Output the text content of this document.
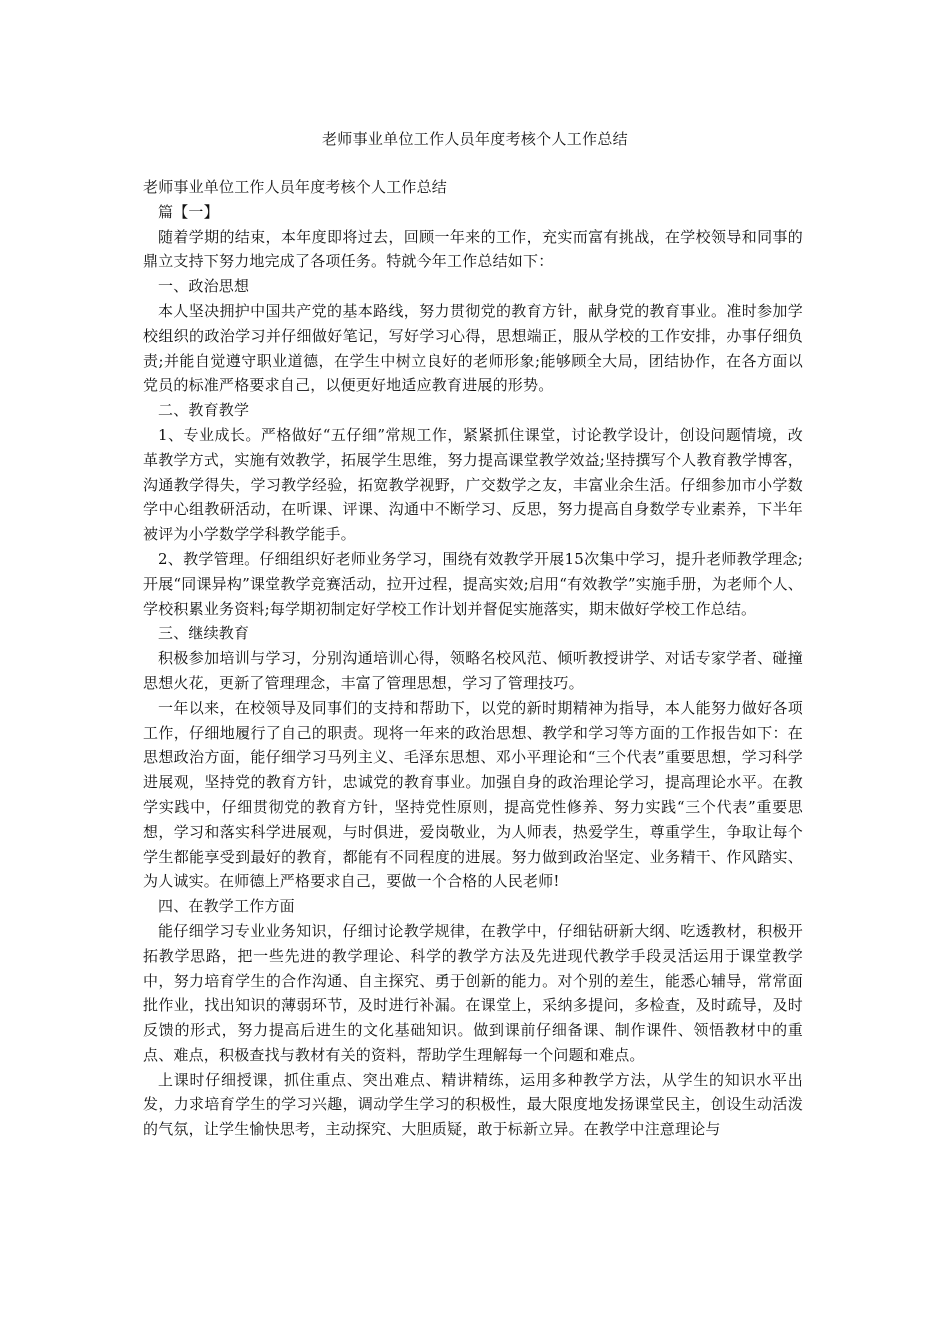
老师事业单位工作人员年度考核个人工作总结

老师事业单位工作人员年度考核个人工作总结

篇【一】

随着学期的结束，本年度即将过去，回顾一年来的工作，充实而富有挑战，在学校领导和同事的鼎立支持下努力地完成了各项任务。特就今年工作总结如下：

一、政治思想

本人坚决拥护中国共产党的基本路线，努力贯彻党的教育方针，献身党的教育事业。准时参加学校组织的政治学习并仔细做好笔记，写好学习心得，思想端正，服从学校的工作安排，办事仔细负责;并能自觉遵守职业道德，在学生中树立良好的老师形象;能够顾全大局，团结协作，在各方面以党员的标准严格要求自己，以便更好地适应教育进展的形势。

二、教育教学

1、专业成长。严格做好“五仔细”常规工作，紧紧抓住课堂，讨论教学设计，创设问题情境，改革教学方式，实施有效教学，拓展学生思维，努力提高课堂教学效益;坚持撰写个人教育教学博客，沟通教学得失，学习教学经验，拓宽教学视野，广交数学之友，丰富业余生活。仔细参加市小学数学中心组教研活动，在听课、评课、沟通中不断学习、反思，努力提高自身数学专业素养，下半年被评为小学数学学科教学能手。

2、教学管理。仔细组织好老师业务学习，围绕有效教学开展15次集中学习，提升老师教学理念;开展“同课异构”课堂教学竞赛活动，拉开过程，提高实效;启用“有效教学”实施手册，为老师个人、学校积累业务资料;每学期初制定好学校工作计划并督促实施落实，期末做好学校工作总结。

三、继续教育

积极参加培训与学习，分别沟通培训心得，领略名校风范、倾听教授讲学、对话专家学者、碰撞思想火花，更新了管理理念，丰富了管理思想，学习了管理技巧。

一年以来，在校领导及同事们的支持和帮助下，以党的新时期精神为指导，本人能努力做好各项工作，仔细地履行了自己的职责。现将一年来的政治思想、教学和学习等方面的工作报告如下：在思想政治方面，能仔细学习马列主义、毛泽东思想、邓小平理论和“三个代表”重要思想，学习科学进展观，坚持党的教育方针，忠诚党的教育事业。加强自身的政治理论学习，提高理论水平。在教学实践中，仔细贯彻党的教育方针，坚持党性原则，提高党性修养、努力实践“三个代表”重要思想，学习和落实科学进展观，与时俱进，爱岗敬业，为人师表，热爱学生，尊重学生，争取让每个学生都能享受到最好的教育，都能有不同程度的进展。努力做到政治坚定、业务精干、作风踏实、为人诚实。在师德上严格要求自己，要做一个合格的人民老师!

四、在教学工作方面

能仔细学习专业业务知识，仔细讨论教学规律，在教学中，仔细钻研新大纲、吃透教材，积极开拓教学思路，把一些先进的教学理论、科学的教学方法及先进现代教学手段灵活运用于课堂教学中，努力培育学生的合作沟通、自主探究、勇于创新的能力。对个别的差生，能悉心辅导，常常面批作业，找出知识的薄弱环节，及时进行补漏。在课堂上，采纳多提问，多检查，及时疏导，及时反馈的形式，努力提高后进生的文化基础知识。做到课前仔细备课、制作课件、领悟教材中的重点、难点，积极查找与教材有关的资料，帮助学生理解每一个问题和难点。

上课时仔细授课，抓住重点、突出难点、精讲精练，运用多种教学方法，从学生的知识水平出发，力求培育学生的学习兴趣，调动学生学习的积极性，最大限度地发扬课堂民主，创设生动活泼的气氛，让学生愉快思考，主动探究、大胆质疑，敢于标新立异。在教学中注意理论与
